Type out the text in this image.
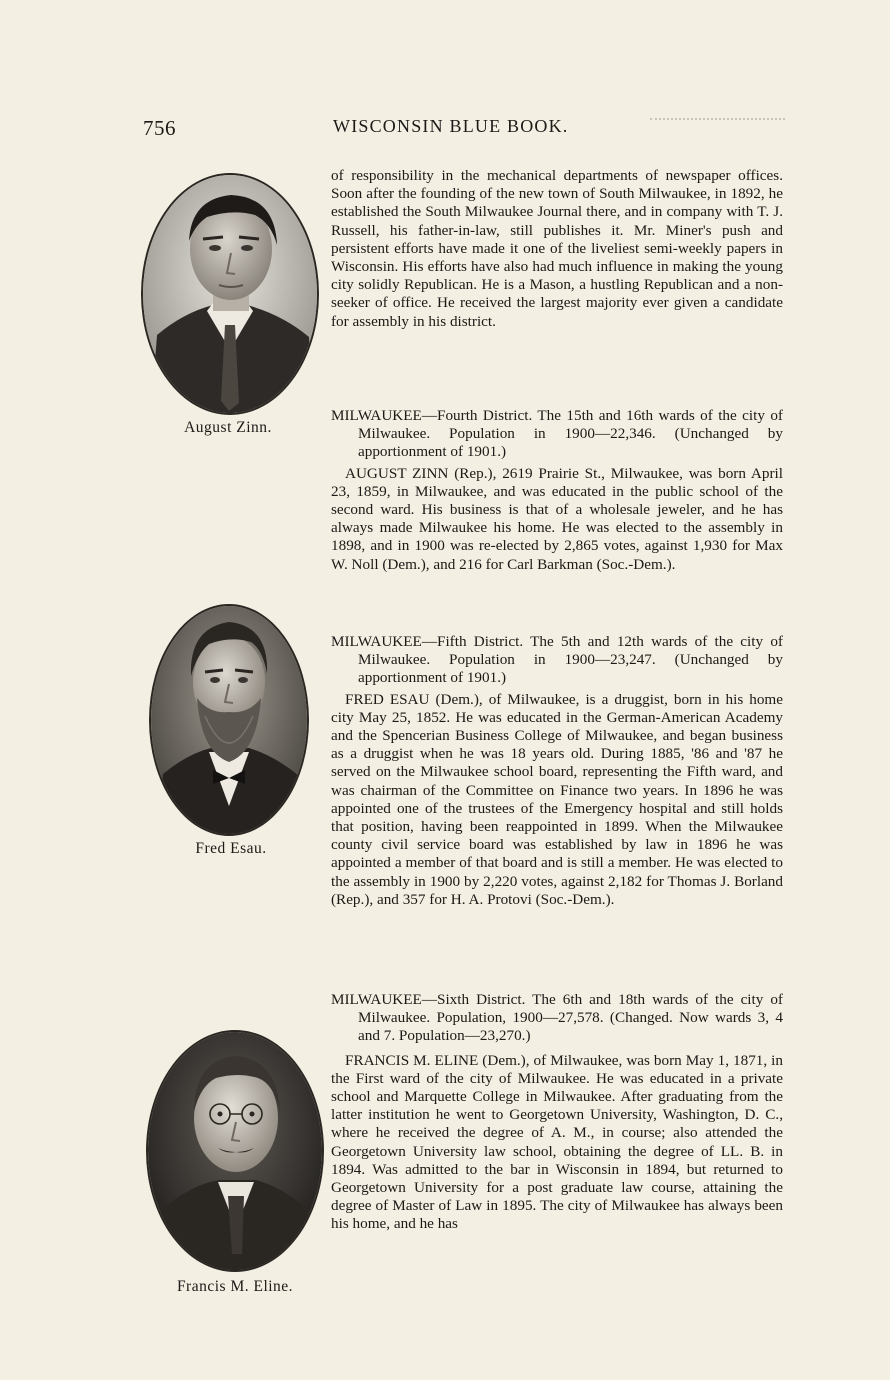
756	WISCONSIN BLUE BOOK.
August Zinn.
Fred Esau.
Francis M. Eline.

of responsibility in the mechanical departments of newspaper offices. Soon after the founding of the new town of South Milwaukee, in 1892, he established the South Milwaukee Journal there, and in company with T. J. Russell, his father-in-law, still publishes it. Mr. Miner's push and persistent efforts have made it one of the liveliest semi-weekly papers in Wisconsin. His efforts have also had much influence in making the young city solidly Republican. He is a Mason, a hustling Republican and a non-seeker of office. He received the largest majority ever given a candidate for assembly in his district.

MILWAUKEE—Fourth District. The 15th and 16th wards of the city of Milwaukee. Population in 1900—22,346. (Unchanged by apportionment of 1901.)

AUGUST ZINN (Rep.), 2619 Prairie St., Milwaukee, was born April 23, 1859, in Milwaukee, and was educated in the public school of the second ward. His business is that of a wholesale jeweler, and he has always made Milwaukee his home. He was elected to the assembly in 1898, and in 1900 was re-elected by 2,865 votes, against 1,930 for Max W. Noll (Dem.), and 216 for Carl Barkman (Soc.-Dem.).

MILWAUKEE—Fifth District. The 5th and 12th wards of the city of Milwaukee. Population in 1900—23,247. (Unchanged by apportionment of 1901.)

FRED ESAU (Dem.), of Milwaukee, is a druggist, born in his home city May 25, 1852. He was educated in the German-American Academy and the Spencerian Business College of Milwaukee, and began business as a druggist when he was 18 years old. During 1885, '86 and '87 he served on the Milwaukee school board, representing the Fifth ward, and was chairman of the Committee on Finance two years. In 1896 he was appointed one of the trustees of the Emergency hospital and still holds that position, having been reappointed in 1899. When the Milwaukee county civil service board was established by law in 1896 he was appointed a member of that board and is still a member. He was elected to the assembly in 1900 by 2,220 votes, against 2,182 for Thomas J. Borland (Rep.), and 357 for H. A. Protovi (Soc.-Dem.).

MILWAUKEE—Sixth District. The 6th and 18th wards of the city of Milwaukee. Population, 1900—27,578. (Changed. Now wards 3, 4 and 7. Population—23,270.)

FRANCIS M. ELINE (Dem.), of Milwaukee, was born May 1, 1871, in the First ward of the city of Milwaukee. He was educated in a private school and Marquette College in Milwaukee. After graduating from the latter institution he went to Georgetown University, Washington, D. C., where he received the degree of A. M., in course; also attended the Georgetown University law school, obtaining the degree of LL. B. in 1894. Was admitted to the bar in Wisconsin in 1894, but returned to Georgetown University for a post graduate law course, attaining the degree of Master of Law in 1895. The city of Milwaukee has always been his home, and he has
